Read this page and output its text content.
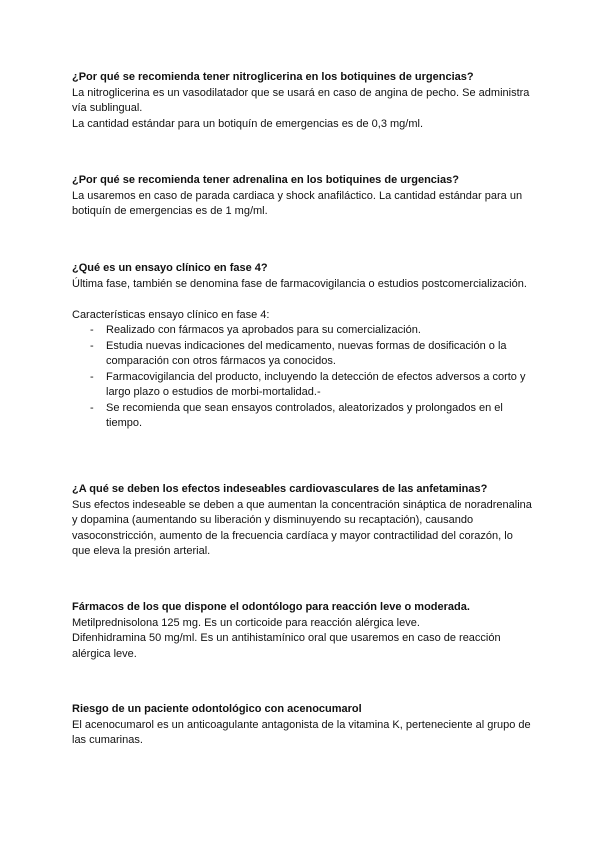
¿Por qué se recomienda tener nitroglicerina en los botiquines de urgencias?

La nitroglicerina es un vasodilatador que se usará en caso de angina de pecho. Se administra vía sublingual.

La cantidad estándar para un botiquín de emergencias es de 0,3 mg/ml.

¿Por qué se recomienda tener adrenalina en los botiquines de urgencias?

La usaremos en caso de parada cardiaca y shock anafiláctico. La cantidad estándar para un botiquín de emergencias es de 1 mg/ml.

¿Qué es un ensayo clínico en fase 4?

Última fase, también se denomina fase de farmacovigilancia o estudios postcomercialización.

Características ensayo clínico en fase 4:

- Realizado con fármacos ya aprobados para su comercialización.
- Estudia nuevas indicaciones del medicamento, nuevas formas de dosificación o la comparación con otros fármacos ya conocidos.
- Farmacovigilancia del producto, incluyendo la detección de efectos adversos a corto y largo plazo o estudios de morbi-mortalidad.-
- Se recomienda que sean ensayos controlados, aleatorizados y prolongados en el tiempo.
¿A qué se deben los efectos indeseables cardiovasculares de las anfetaminas?

Sus efectos indeseable se deben a que aumentan la concentración sináptica de noradrenalina y dopamina (aumentando su liberación y disminuyendo su recaptación), causando vasoconstricción, aumento de la frecuencia cardíaca y mayor contractilidad del corazón, lo que eleva la presión arterial.

Fármacos de los que dispone el odontólogo para reacción leve o moderada.

Metilprednisolona 125 mg. Es un corticoide para reacción alérgica leve.

Difenhidramina 50 mg/ml. Es un antihistamínico oral que usaremos en caso de reacción alérgica leve.

Riesgo de un paciente odontológico con acenocumarol

El acenocumarol es un anticoagulante antagonista de la vitamina K, perteneciente al grupo de las cumarinas.
